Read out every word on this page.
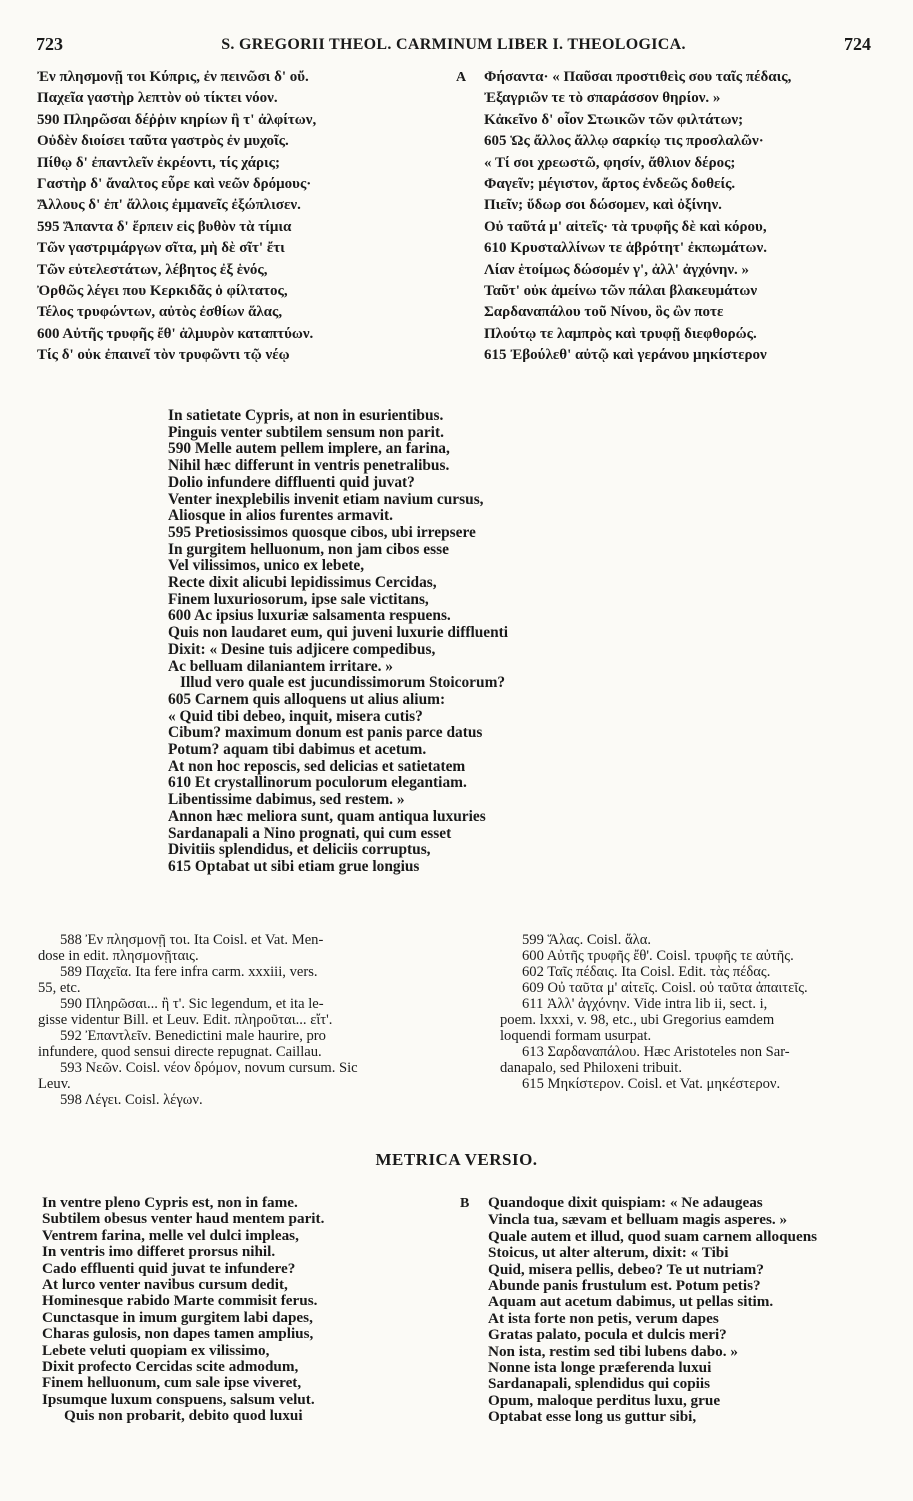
723	S. GREGORII THEOL. CARMINUM LIBER I. THEOLOGICA.	724
Ἐν πλησμονῇ τοι Κύπρις, ἐν πεινῶσι δ' οὔ.
Παχεῖα γαστὴρ λεπτὸν οὐ τίκτει νόον.
590 Πληρῶσαι δέῤῥιν κηρίων ἢ τ' ἀλφίτων,
Οὐδὲν διοίσει ταῦτα γαστρὸς ἐν μυχοῖς.
Πίθῳ δ' ἐπαντλεῖν ἐκρέοντι, τίς χάρις;
Γαστὴρ δ' ἄναλτος εὗρε καὶ νεῶν δρόμους·
Ἄλλους δ' ἐπ' ἄλλοις ἐμμανεῖς ἐξώπλισεν.
595 Ἅπαντα δ' ἕρπειν εἰς βυθὸν τὰ τίμια
Τῶν γαστριμάργων σῖτα, μὴ δὲ σῖτ' ἔτι
Τῶν εὐτελεστάτων, λέβητος ἐξ ἑνός,
Ὀρθῶς λέγει που Κερκιδᾶς ὁ φίλτατος,
Τέλος τρυφώντων, αὐτὸς ἐσθίων ἅλας,
600 Αὐτῆς τρυφῆς ἔθ' ἁλμυρὸν καταπτύων.
Τίς δ' οὐκ ἐπαινεῖ τὸν τρυφῶντι τῷ νέῳ
A Φήσαντα· « Παῦσαι προστιθεὶς σου ταῖς πέδαις,
Ἐξαγριῶν τε τὸ σπαράσσον θηρίον. »
Κἀκεῖνο δ' οἷον Στωικῶν τῶν φιλτάτων;
605 Ὡς ἄλλος ἄλλῳ σαρκίῳ τις προσλαλῶν·
« Τί σοι χρεωστῶ, φησίν, ἄθλιον δέρος;
Φαγεῖν; μέγιστον, ἄρτος ἐνδεῶς δοθείς.
Πιεῖν; ὕδωρ σοι δώσομεν, καὶ ὀξίνην.
Οὐ ταῦτά μ' αἰτεῖς· τὰ τρυφῆς δὲ καὶ κόρου,
610 Κρυσταλλίνων τε ἁβρότητ' ἐκπωμάτων.
Λίαν ἑτοίμως δώσομέν γ', ἀλλ' ἀγχόνην. »
Ταῦτ' οὐκ ἀμείνω τῶν πάλαι βλακευμάτων
Σαρδαναπάλου τοῦ Νίνου, ὃς ὢν ποτε
Πλούτῳ τε λαμπρὸς καὶ τρυφῇ διεφθορώς.
615 Ἐβούλεθ' αὐτῷ καὶ γεράνου μηκίστερον
In satietate Cypris, at non in esurientibus.
Pinguis venter subtilem sensum non parit.
590 Melle autem pellem implere, an farina,
Nihil hæc differunt in ventris penetralibus.
Dolio infundere diffluenti quid juvat?
Venter inexplebilis invenit etiam navium cursus,
Aliosque in alios furentes armavit.
595 Pretiosissimos quosque cibos, ubi irrepsere
In gurgitem helluonum, non jam cibos esse
Vel vilissimos, unico ex lebete,
Recte dixit alicubi lepidissimus Cercidas,
Finem luxuriosorum, ipse sale victitans,
600 Ac ipsius luxuriæ salsamenta respuens.
Quis non laudaret eum, qui juveni luxurie diffluenti
Dixit: « Desine tuis adjicere compedibus,
Ac belluam dilaniantem irritare. »
Illud vero quale est jucundissimorum Stoicorum?
605 Carnem quis alloquens ut alius alium:
« Quid tibi debeo, inquit, misera cutis?
Cibum? maximum donum est panis parce datus
Potum? aquam tibi dabimus et acetum.
At non hoc reposcis, sed delicias et satietatem
610 Et crystallinorum poculorum elegantiam.
Libentissime dabimus, sed restem. »
Annon hæc meliora sunt, quam antiqua luxuries
Sardanapali a Nino prognati, qui cum esset
Divitiis splendidus, et deliciis corruptus,
615 Optabat ut sibi etiam grue longius
588 Ἐν πλησμονῇ τοι. Ita Coisl. et Vat. Men-
dose in edit. πλησμονῇταις.
589 Παχεῖα. Ita fere infra carm. xxxiii, vers.
55, etc.
590 Πληρῶσαι... ἢ τ'. Sic legendum, et ita le-
gisse videntur Bill. et Leuv. Edit. πληροῦται... εἴτ'.
592 Ἐπαντλεῖν. Benedictini male haurire, pro
infundere, quod sensui directe repugnat. Caillau.
593 Νεῶν. Coisl. νέον δρόμον, novum cursum. Sic
Leuv.
598 Λέγει. Coisl. λέγων.
599 Ἅλας. Coisl. ἅλα.
600 Αὐτῆς τρυφῆς ἔθ'. Coisl. τρυφῆς τε αὐτῆς.
602 Ταῖς πέδαις. Ita Coisl. Edit. τὰς πέδας.
609 Οὐ ταῦτα μ' αἰτεῖς. Coisl. οὐ ταῦτα ἀπαιτεῖς.
611 Ἀλλ' ἀγχόνην. Vide intra lib ii, sect. i,
poem. lxxxi, v. 98, etc., ubi Gregorius eamdem
loquendi formam usurpat.
613 Σαρδαναπάλου. Hæc Aristoteles non Sar-
danapalo, sed Philoxeni tribuit.
615 Μηκίστερον. Coisl. et Vat. μηκέστερον.
METRICA VERSIO.
In ventre pleno Cypris est, non in fame.
Subtilem obesus venter haud mentem parit.
Ventrem farina, melle vel dulci impleas,
In ventris imo differet prorsus nihil.
Cado effluenti quid juvat te infundere?
At lurco venter navibus cursum dedit,
Hominesque rabido Marte commisit ferus.
Cunctasque in imum gurgitem labi dapes,
Charas gulosis, non dapes tamen amplius,
Lebete veluti quopiam ex vilissimo,
Dixit profecto Cercidas scite admodum,
Finem helluonum, cum sale ipse viveret,
Ipsumque luxum conspuens, salsum velut.
Quis non probarit, debito quod luxui
B Quandoque dixit quispiam: « Ne adaugeas
Vincla tua, sævam et belluam magis asperes. »
Quale autem et illud, quod suam carnem alloquens
Stoicus, ut alter alterum, dixit: « Tibi
Quid, misera pellis, debeo? Te ut nutriam?
Abunde panis frustulum est. Potum petis?
Aquam aut acetum dabimus, ut pellas sitim.
At ista forte non petis, verum dapes
Gratas palato, pocula et dulcis meri?
Non ista, restim sed tibi lubens dabo. »
Nonne ista longe præferenda luxui
Sardanapali, splendidus qui copiis
Opum, maloque perditus luxu, grue
Optabat esse long us guttur sibi,
